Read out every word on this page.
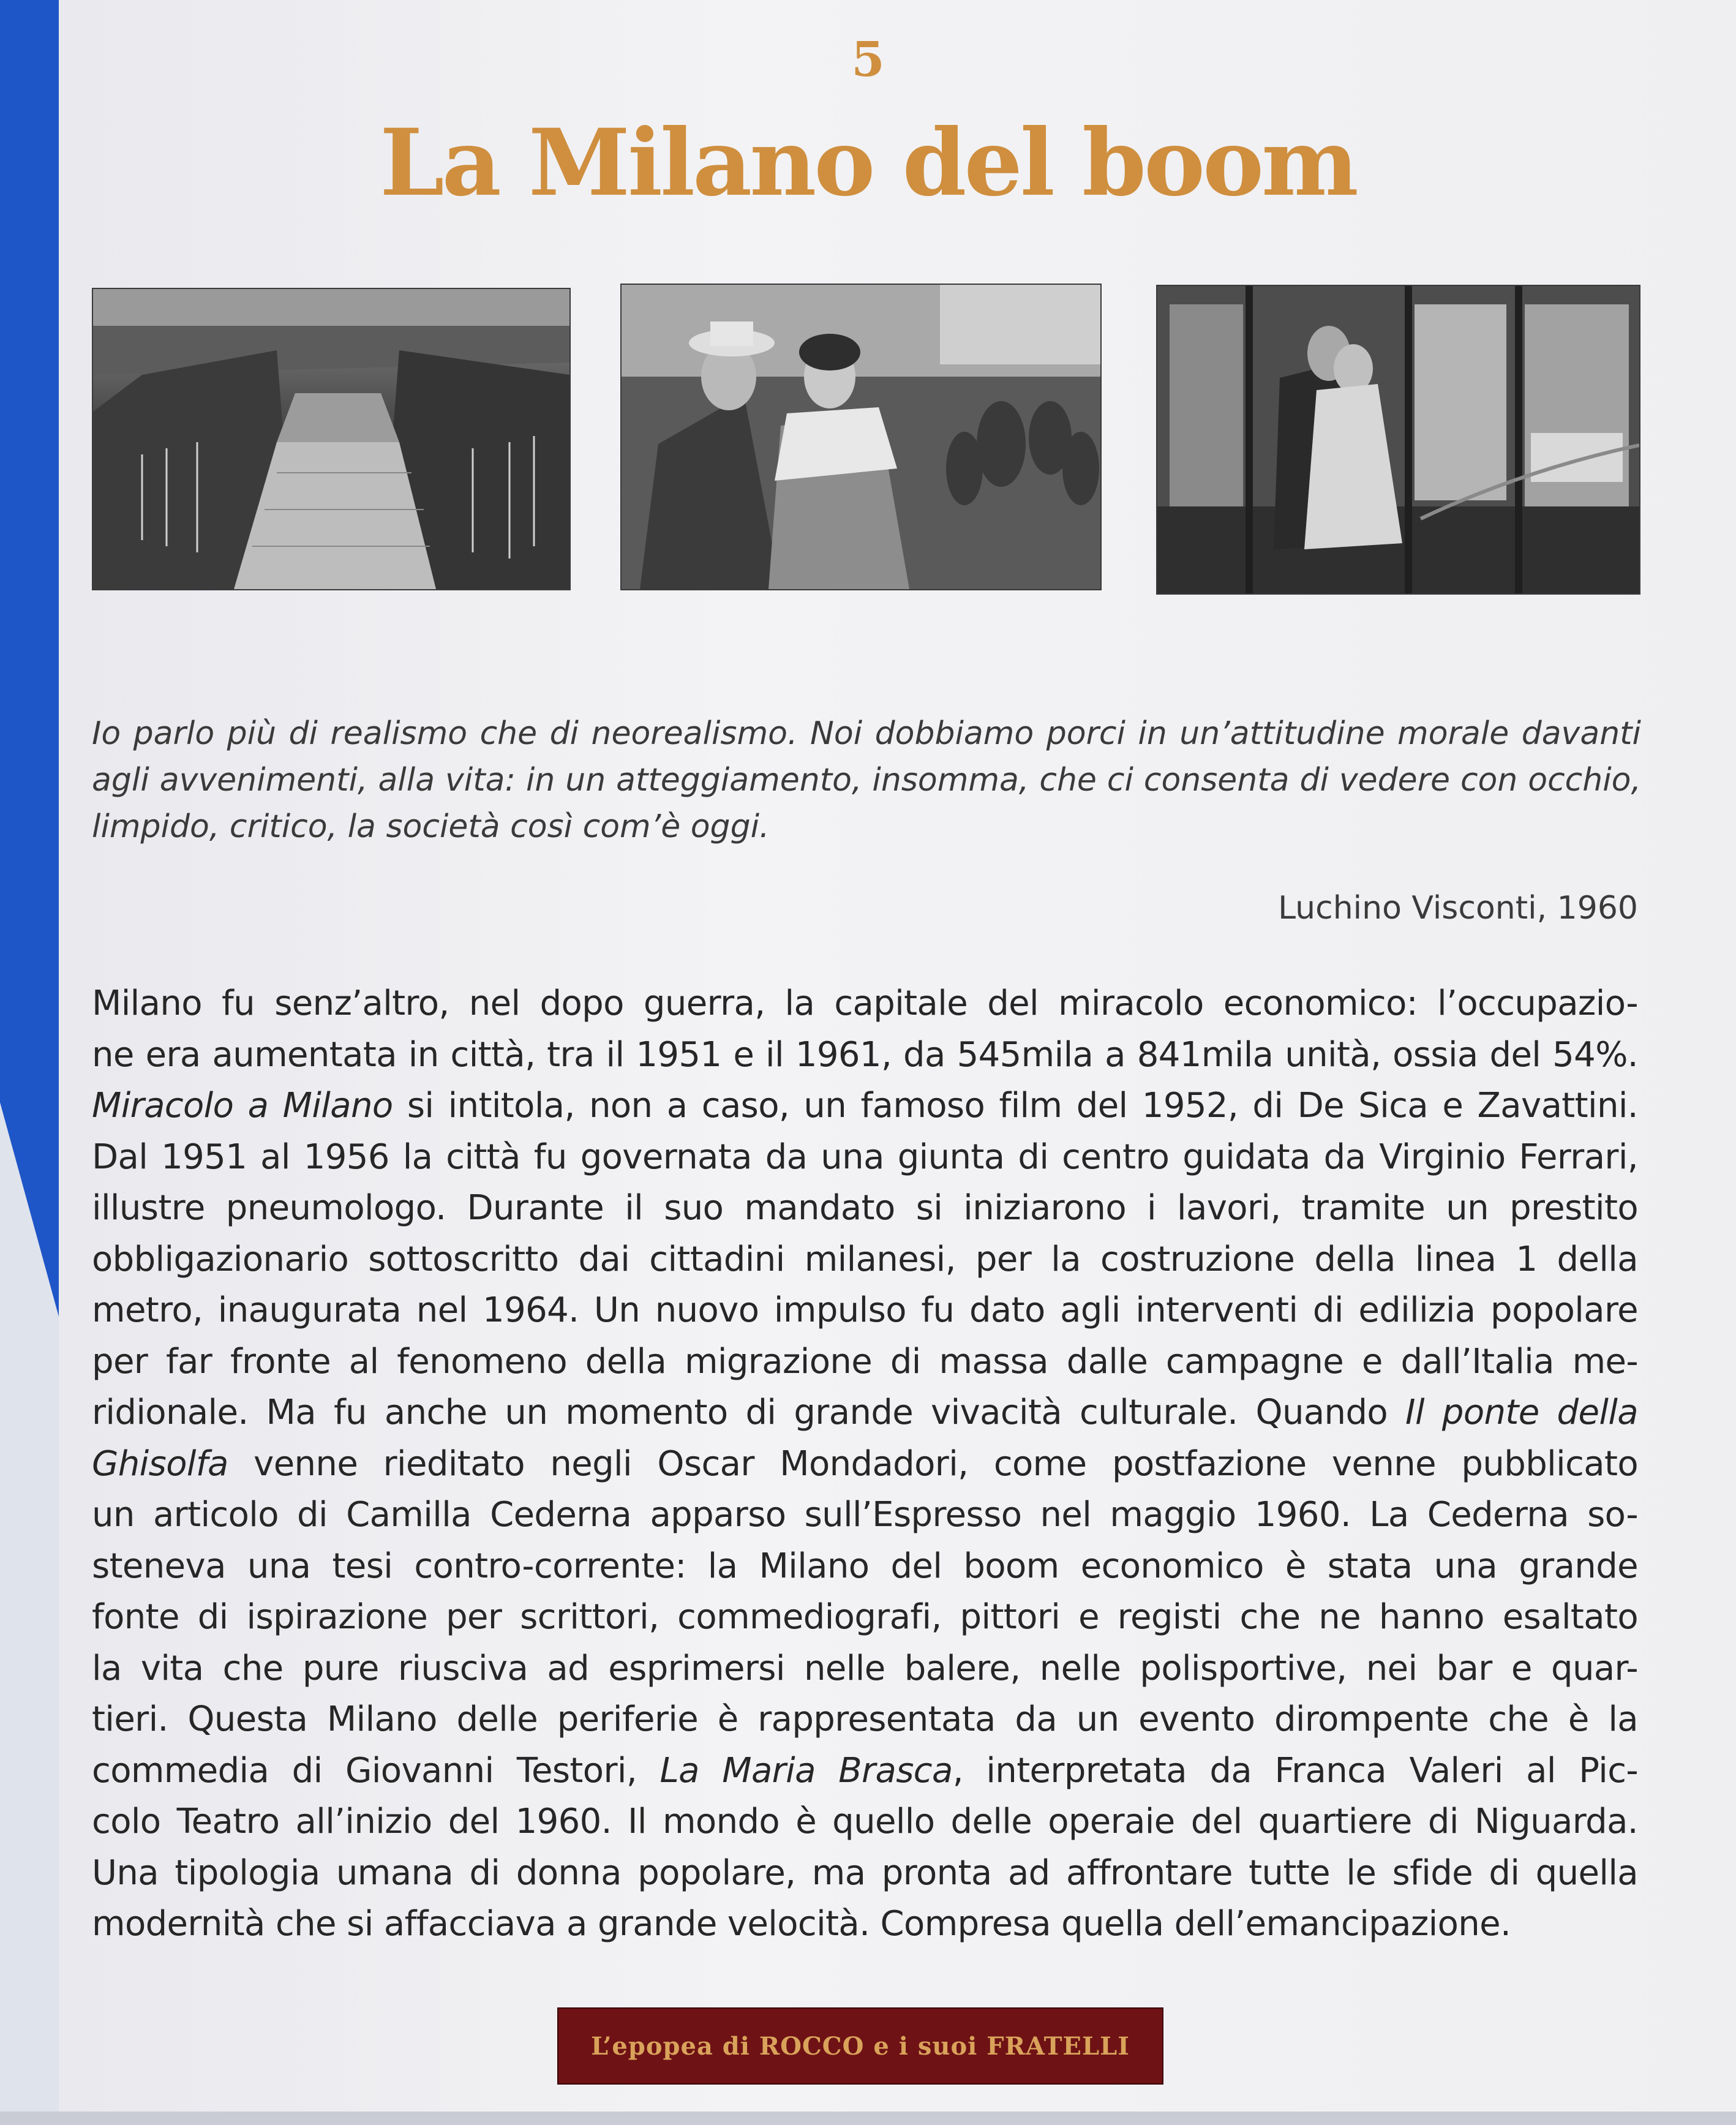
5
La Milano del boom
Io parlo più di realismo che di neorealismo. Noi dobbiamo porci in un’attitudine morale davanti agli avvenimenti, alla vita: in un atteggiamento, insomma, che ci consenta di vedere con occhio, limpido, critico, la società così com’è oggi.
Luchino Visconti, 1960
Milano fu senz’altro, nel dopo guerra, la capitale del miracolo economico: l’occupazio-
ne era aumentata in città, tra il 1951 e il 1961, da 545mila a 841mila unità, ossia del 54%.
Miracolo a Milano si intitola, non a caso, un famoso film del 1952, di De Sica e Zavattini.
Dal 1951 al 1956 la città fu governata da una giunta di centro guidata da Virginio Ferrari,
illustre pneumologo. Durante il suo mandato si iniziarono i lavori, tramite un prestito
obbligazionario sottoscritto dai cittadini milanesi, per la costruzione della linea 1 della
metro, inaugurata nel 1964. Un nuovo impulso fu dato agli interventi di edilizia popolare
per far fronte al fenomeno della migrazione di massa dalle campagne e dall’Italia me-
ridionale. Ma fu anche un momento di grande vivacità culturale. Quando Il ponte della
Ghisolfa venne rieditato negli Oscar Mondadori, come postfazione venne pubblicato
un articolo di Camilla Cederna apparso sull’Espresso nel maggio 1960. La Cederna so-
steneva una tesi contro-corrente: la Milano del boom economico è stata una grande
fonte di ispirazione per scrittori, commediografi, pittori e registi che ne hanno esaltato
la vita che pure riusciva ad esprimersi nelle balere, nelle polisportive, nei bar e quar-
tieri. Questa Milano delle periferie è rappresentata da un evento dirompente che è la
commedia di Giovanni Testori, La Maria Brasca, interpretata da Franca Valeri al Pic-
colo Teatro all’inizio del 1960. Il mondo è quello delle operaie del quartiere di Niguarda.
Una tipologia umana di donna popolare, ma pronta ad affrontare tutte le sfide di quella
modernità che si affacciava a grande velocità. Compresa quella dell’emancipazione.
L’epopea di ROCCO e i suoi FRATELLI
